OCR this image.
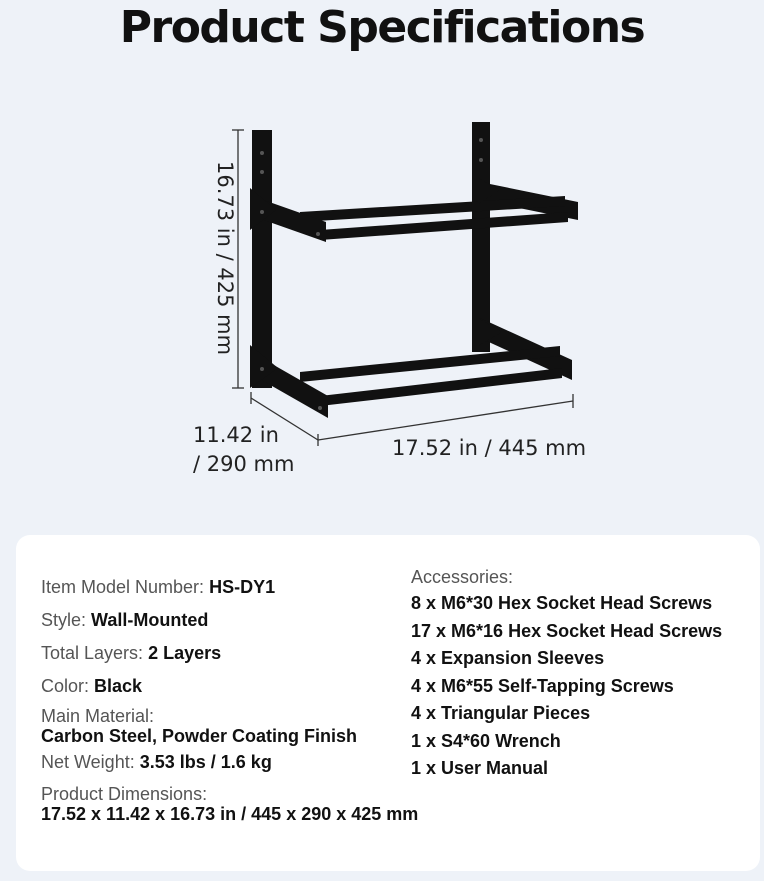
Product Specifications
16.73 in / 425 mm
11.42 in
/ 290 mm
17.52 in / 445 mm
Item Model Number: HS-DY1
Style: Wall-Mounted
Total Layers: 2 Layers
Color: Black
Main Material:
Carbon Steel, Powder Coating Finish
Net Weight: 3.53 lbs / 1.6 kg
Product Dimensions:
17.52 x 11.42 x 16.73 in / 445 x 290 x 425 mm
Accessories:
8 x M6*30 Hex Socket Head Screws
17 x M6*16 Hex Socket Head Screws
4 x Expansion Sleeves
4 x M6*55 Self-Tapping Screws
4 x Triangular Pieces
1 x S4*60 Wrench
1 x User Manual
